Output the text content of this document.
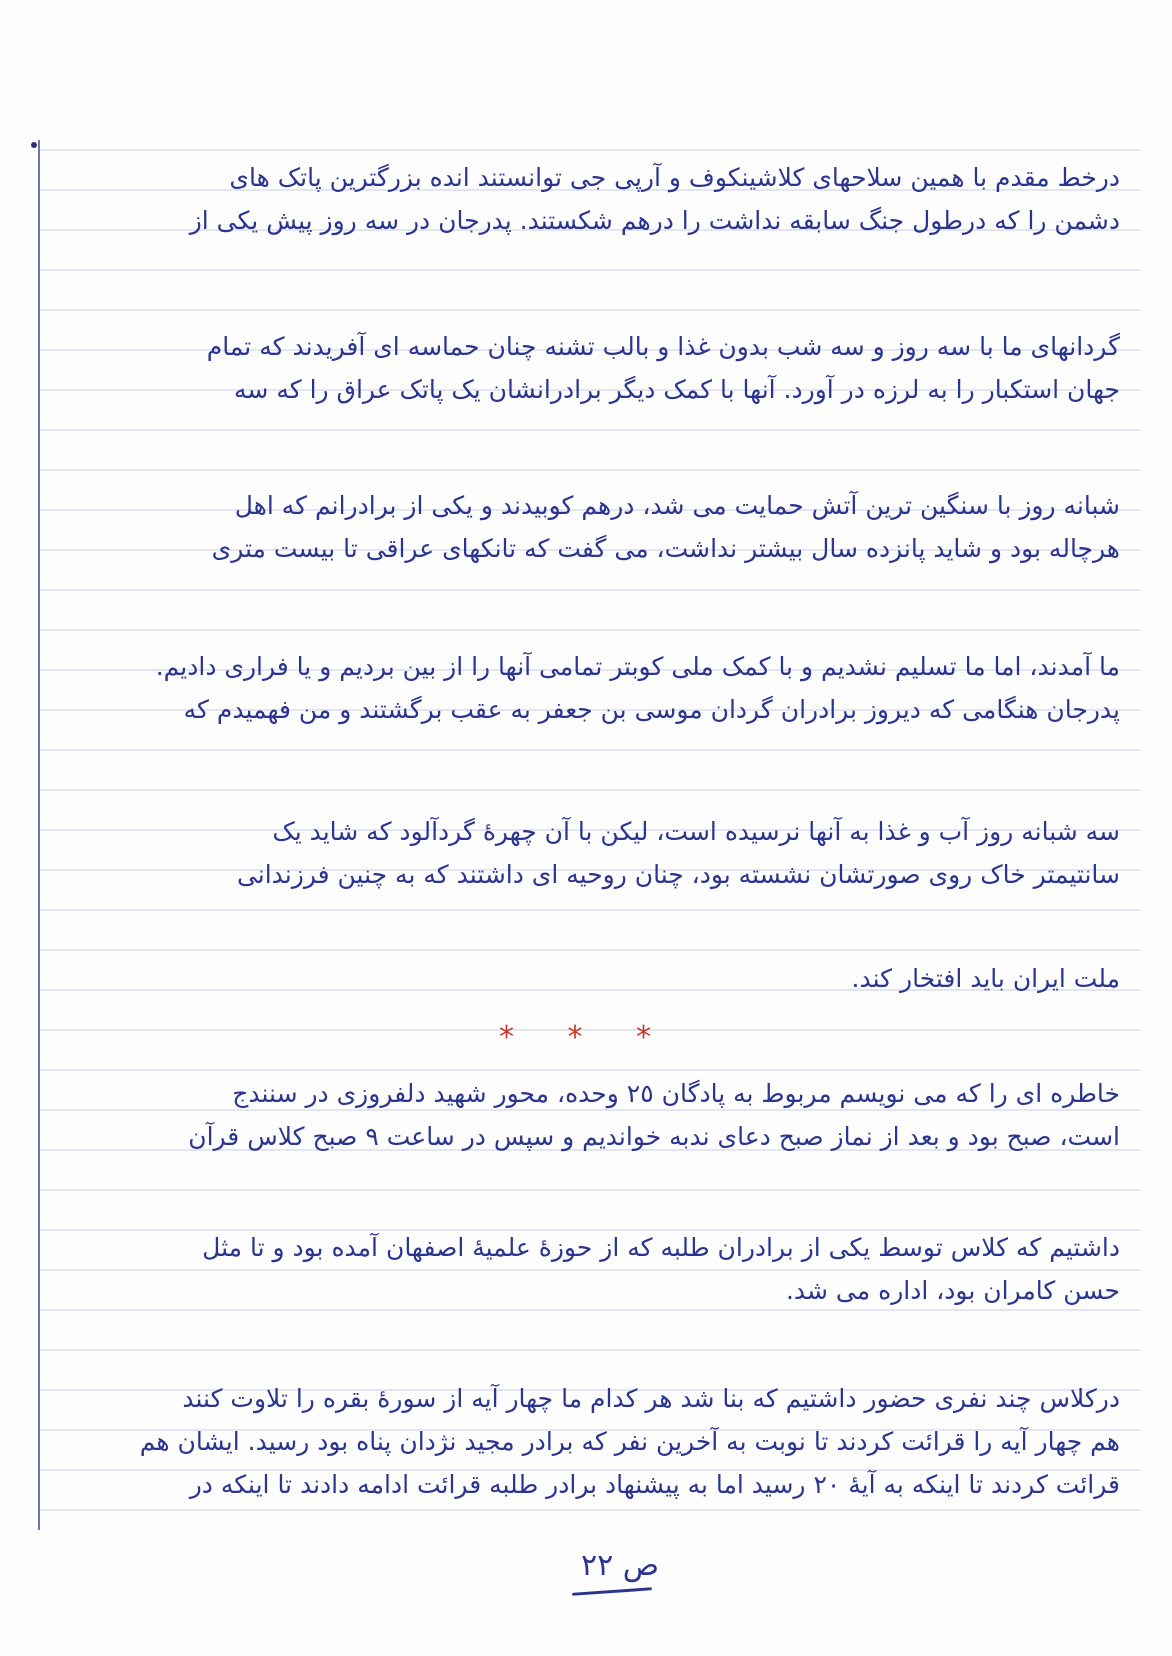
درخط مقدم با همین سلاحهای کلاشینکوف و آرپی جی توانستند انده بزرگترین پاتک های
دشمن را که درطول جنگ سابقه نداشت را درهم شکستند. پدرجان در سه روز پیش یکی از
گردانهای ما با سه روز و سه شب بدون غذا و بالب تشنه چنان حماسه ای آفریدند که تمام
جهان استکبار را به لرزه در آورد. آنها با کمک دیگر برادرانشان یک پاتک عراق را که سه
شبانه روز با سنگین ترین آتش حمایت می شد، درهم کوبیدند و یکی از برادرانم که اهل
هرچاله بود و شاید پانزده سال بیشتر نداشت، می گفت که تانکهای عراقی تا بیست متری
ما آمدند، اما ما تسلیم نشدیم و با کمک ملی کوبتر تمامی آنها را از بین بردیم و یا فراری دادیم.
پدرجان هنگامی که دیروز برادران گردان موسی بن جعفر به عقب برگشتند و من فهمیدم که
سه شبانه روز آب و غذا به آنها نرسیده است، لیکن با آن چهرهٔ گردآلود که شاید یک
سانتیمتر خاک روی صورتشان نشسته بود، چنان روحیه ای داشتند که به چنین فرزندانی
ملت ایران باید افتخار کند.
* * *
خاطره ای را که می نویسم مربوط به پادگان ٢٥ وحده، محور شهید دلفروزی در سنندج
است، صبح بود و بعد از نماز صبح دعای ندبه خواندیم و سپس در ساعت ٩ صبح کلاس قرآن
داشتیم که کلاس توسط یکی از برادران طلبه که از حوزهٔ علمیهٔ اصفهان آمده بود و تا مثل
حسن کامران بود، اداره می شد.
درکلاس چند نفری حضور داشتیم که بنا شد هر کدام ما چهار آیه از سورهٔ بقره را تلاوت کنند
هم چهار آیه را قرائت کردند تا نوبت به آخرین نفر که برادر مجید نژدان پناه بود رسید. ایشان هم
قرائت کردند تا اینکه به آیهٔ ٢٠ رسید اما به پیشنهاد برادر طلبه قرائت ادامه دادند تا اینکه در
ص ٢٢
